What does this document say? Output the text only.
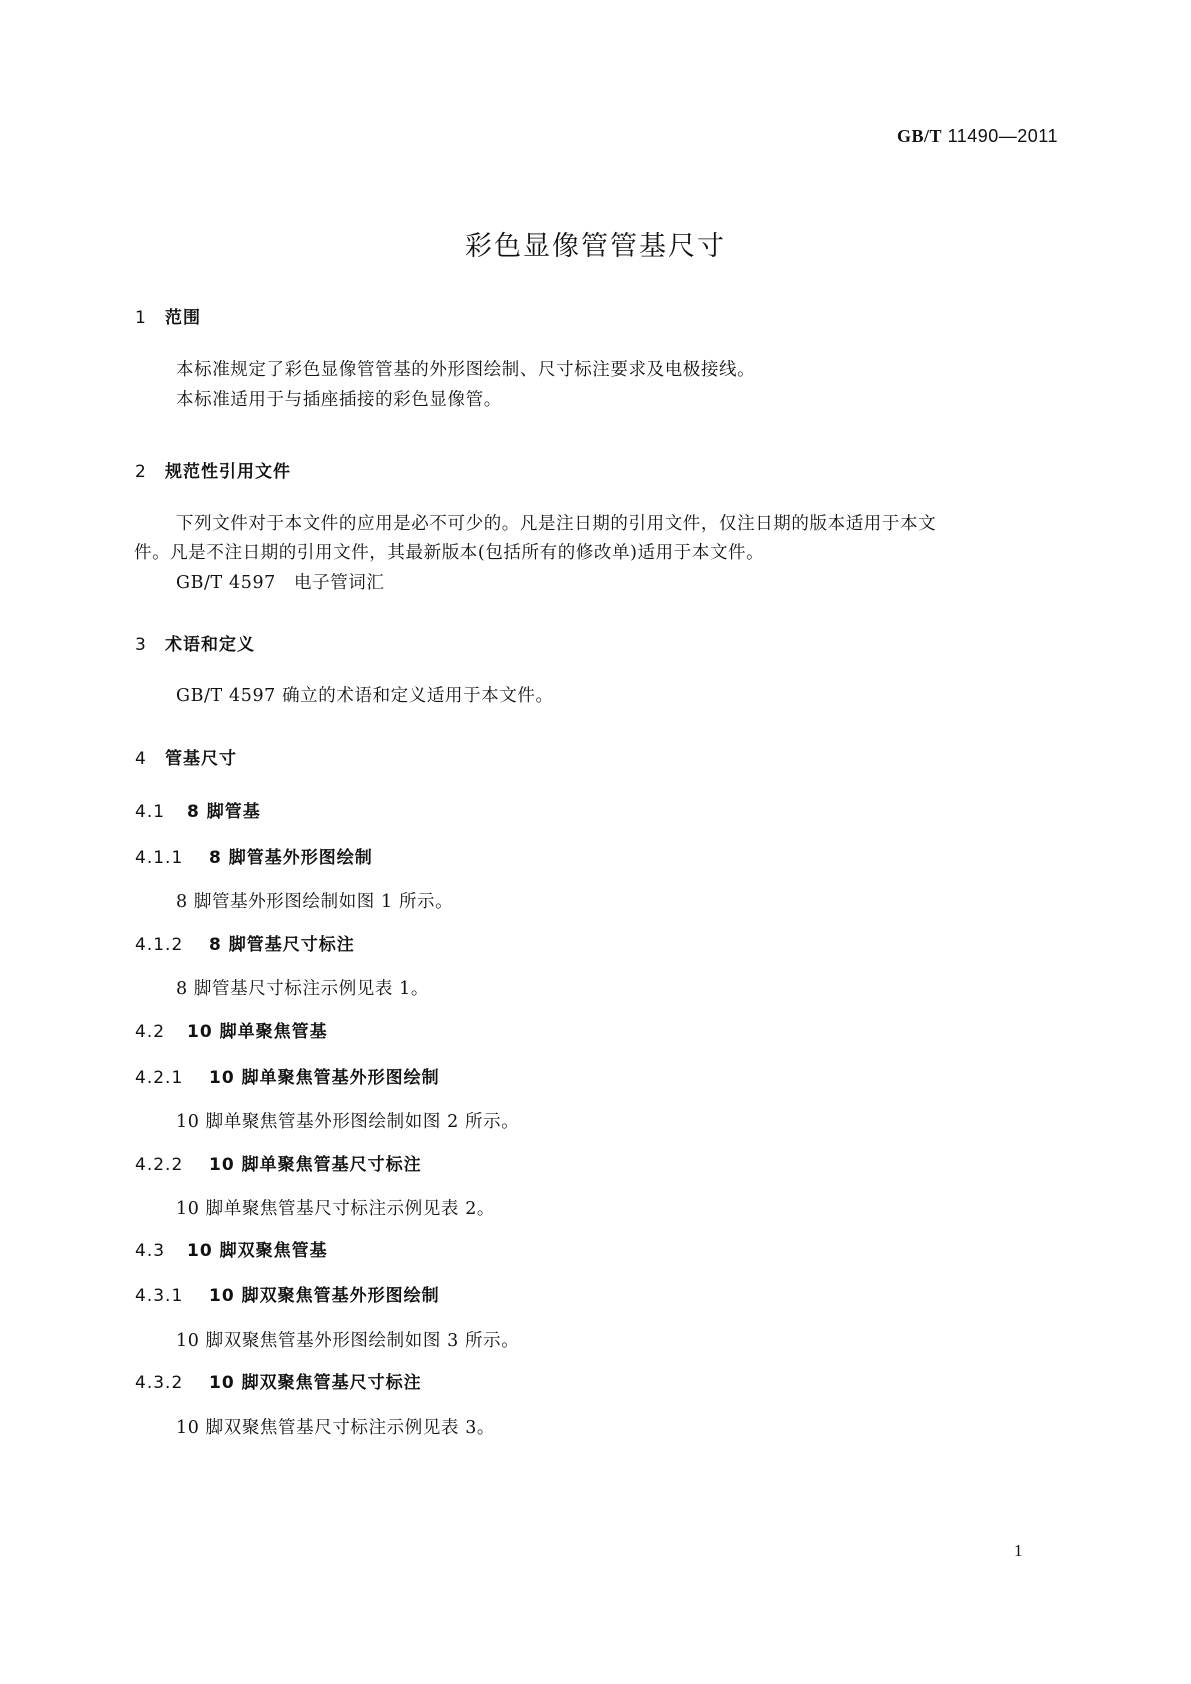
GB/T 11490—2011
彩色显像管管基尺寸
1 范围
本标准规定了彩色显像管管基的外形图绘制、尺寸标注要求及电极接线。
本标准适用于与插座插接的彩色显像管。
2 规范性引用文件
下列文件对于本文件的应用是必不可少的。凡是注日期的引用文件，仅注日期的版本适用于本文
件。凡是不注日期的引用文件，其最新版本(包括所有的修改单)适用于本文件。
GB/T 4597　电子管词汇
3 术语和定义
GB/T 4597 确立的术语和定义适用于本文件。
4 管基尺寸
4.1 8 脚管基
4.1.1 8 脚管基外形图绘制
8 脚管基外形图绘制如图 1 所示。
4.1.2 8 脚管基尺寸标注
8 脚管基尺寸标注示例见表 1。
4.2 10 脚单聚焦管基
4.2.1 10 脚单聚焦管基外形图绘制
10 脚单聚焦管基外形图绘制如图 2 所示。
4.2.2 10 脚单聚焦管基尺寸标注
10 脚单聚焦管基尺寸标注示例见表 2。
4.3 10 脚双聚焦管基
4.3.1 10 脚双聚焦管基外形图绘制
10 脚双聚焦管基外形图绘制如图 3 所示。
4.3.2 10 脚双聚焦管基尺寸标注
10 脚双聚焦管基尺寸标注示例见表 3。
1
